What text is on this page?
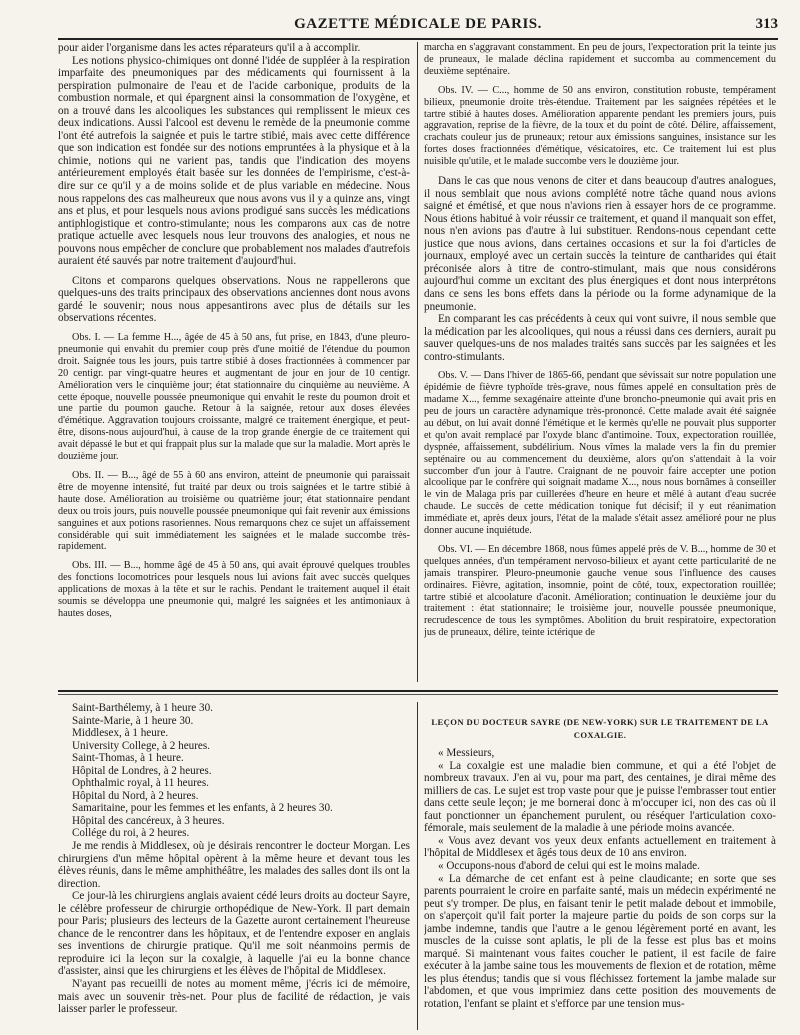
GAZETTE MÉDICALE DE PARIS.	313

pour aider l'organisme dans les actes réparateurs qu'il a à accomplir.

Les notions physico-chimiques ont donné l'idée de suppléer à la respiration imparfaite des pneumoniques par des médicaments qui fournissent à la perspiration pulmonaire de l'eau et de l'acide carbonique, produits de la combustion normale, et qui épargnent ainsi la consommation de l'oxygène, et on a trouvé dans les alcooliques les substances qui remplissent le mieux ces deux indications. Aussi l'alcool est devenu le remède de la pneumonie comme l'ont été autrefois la saignée et puis le tartre stibié, mais avec cette différence que son indication est fondée sur des notions empruntées à la physique et à la chimie, notions qui ne varient pas, tandis que l'indication des moyens antérieurement employés était basée sur les données de l'empirisme, c'est-à-dire sur ce qu'il y a de moins solide et de plus variable en médecine. Nous nous rappelons des cas malheureux que nous avons vus il y a quinze ans, vingt ans et plus, et pour lesquels nous avions prodigué sans succès les médications antiphlogistique et contro-stimulante; nous les comparons aux cas de notre pratique actuelle avec lesquels nous leur trouvons des analogies, et nous ne pouvons nous empêcher de conclure que probablement nos malades d'autrefois auraient été sauvés par notre traitement d'aujourd'hui.

Citons et comparons quelques observations. Nous ne rappellerons que quelques-uns des traits principaux des observations anciennes dont nous avons gardé le souvenir; nous nous appesantirons avec plus de détails sur les observations récentes.

Obs. I. — La femme H..., âgée de 45 à 50 ans, fut prise, en 1843, d'une pleuro-pneumonie qui envahit du premier coup près d'une moitié de l'étendue du poumon droit. Saignée tous les jours, puis tartre stibié à doses fractionnées à commencer par 20 centigr. par vingt-quatre heures et augmentant de jour en jour de 10 centigr. Amélioration vers le cinquième jour; état stationnaire du cinquième au neuvième. A cette époque, nouvelle poussée pneumonique qui envahit le reste du poumon droit et une partie du poumon gauche. Retour à la saignée, retour aux doses élevées d'émétique. Aggravation toujours croissante, malgré ce traitement énergique, et peut-être, disons-nous aujourd'hui, à cause de la trop grande énergie de ce traitement qui avait dépassé le but et qui frappait plus sur la malade que sur la maladie. Mort après le douzième jour.

Obs. II. — B..., âgé de 55 à 60 ans environ, atteint de pneumonie qui paraissait être de moyenne intensité, fut traité par deux ou trois saignées et le tartre stibié à haute dose. Amélioration au troisième ou quatrième jour; état stationnaire pendant deux ou trois jours, puis nouvelle poussée pneumonique qui fait revenir aux émissions sanguines et aux potions rasoriennes. Nous remarquons chez ce sujet un affaissement considérable qui suit immédiatement les saignées et le malade succombe très-rapidement.

Obs. III. — B..., homme âgé de 45 à 50 ans, qui avait éprouvé quelques troubles des fonctions locomotrices pour lesquels nous lui avions fait avec succès quelques applications de moxas à la tête et sur le rachis. Pendant le traitement auquel il était soumis se développa une pneumonie qui, malgré les saignées et les antimoniaux à hautes doses,

marcha en s'aggravant constamment. En peu de jours, l'expectoration prit la teinte jus de pruneaux, le malade déclina rapidement et succomba au commencement du deuxième septénaire.

Obs. IV. — C..., homme de 50 ans environ, constitution robuste, tempérament bilieux, pneumonie droite très-étendue. Traitement par les saignées répétées et le tartre stibié à hautes doses. Amélioration apparente pendant les premiers jours, puis aggravation, reprise de la fièvre, de la toux et du point de côté. Délire, affaissement, crachats couleur jus de pruneaux; retour aux émissions sanguines, insistance sur les fortes doses fractionnées d'émétique, vésicatoires, etc. Ce traitement lui est plus nuisible qu'utile, et le malade succombe vers le douzième jour.

Dans le cas que nous venons de citer et dans beaucoup d'autres analogues, il nous semblait que nous avions complété notre tâche quand nous avions saigné et émétisé, et que nous n'avions rien à essayer hors de ce programme. Nous étions habitué à voir réussir ce traitement, et quand il manquait son effet, nous n'en avions pas d'autre à lui substituer. Rendons-nous cependant cette justice que nous avions, dans certaines occasions et sur la foi d'articles de journaux, employé avec un certain succès la teinture de cantharides qui était préconisée alors à titre de contro-stimulant, mais que nous considérons aujourd'hui comme un excitant des plus énergiques et dont nous interprétons dans ce sens les bons effets dans la période ou la forme adynamique de la pneumonie.

En comparant les cas précédents à ceux qui vont suivre, il nous semble que la médication par les alcooliques, qui nous a réussi dans ces derniers, aurait pu sauver quelques-uns de nos malades traités sans succès par les saignées et les contro-stimulants.

Obs. V. — Dans l'hiver de 1865-66, pendant que sévissait sur notre population une épidémie de fièvre typhoïde très-grave, nous fûmes appelé en consultation près de madame X..., femme sexagénaire atteinte d'une broncho-pneumonie qui avait pris en peu de jours un caractère adynamique très-prononcé. Cette malade avait été saignée au début, on lui avait donné l'émétique et le kermès qu'elle ne pouvait plus supporter et qu'on avait remplacé par l'oxyde blanc d'antimoine. Toux, expectoration rouillée, dyspnée, affaissement, subdélirium. Nous vîmes la malade vers la fin du premier septénaire ou au commencement du deuxième, alors qu'on s'attendait à la voir succomber d'un jour à l'autre. Craignant de ne pouvoir faire accepter une potion alcoolique par le confrère qui soignait madame X..., nous nous bornâmes à conseiller le vin de Malaga pris par cuillerées d'heure en heure et mêlé à autant d'eau sucrée chaude. Le succès de cette médication tonique fut décisif; il y eut réanimation immédiate et, après deux jours, l'état de la malade s'était assez amélioré pour ne plus donner aucune inquiétude.

Obs. VI. — En décembre 1868, nous fûmes appelé près de V. B..., homme de 30 et quelques années, d'un tempérament nervoso-bilieux et ayant cette particularité de ne jamais transpirer. Pleuro-pneumonie gauche venue sous l'influence des causes ordinaires. Fièvre, agitation, insomnie, point de côté, toux, expectoration rouillée; tartre stibié et alcoolature d'aconit. Amélioration; continuation le deuxième jour du traitement : état stationnaire; le troisième jour, nouvelle poussée pneumonique, recrudescence de tous les symptômes. Abolition du bruit respiratoire, expectoration jus de pruneaux, délire, teinte ictérique de

Saint-Barthélemy, à 1 heure 30.

Sainte-Marie, à 1 heure 30.

Middlesex, à 1 heure.

University College, à 2 heures.

Saint-Thomas, à 1 heure.

Hôpital de Londres, à 2 heures.

Ophthalmic royal, à 11 heures.

Hôpital du Nord, à 2 heures.

Samaritaine, pour les femmes et les enfants, à 2 heures 30.

Hôpital des cancéreux, à 3 heures.

Collége du roi, à 2 heures.

Je me rendis à Middlesex, où je désirais rencontrer le docteur Morgan. Les chirurgiens d'un même hôpital opèrent à la même heure et devant tous les élèves réunis, dans le même amphithéâtre, les malades des salles dont ils ont la direction.

Ce jour-là les chirurgiens anglais avaient cédé leurs droits au docteur Sayre, le célèbre professeur de chirurgie orthopédique de New-York. Il part demain pour Paris; plusieurs des lecteurs de la Gazette auront certainement l'heureuse chance de le rencontrer dans les hôpitaux, et de l'entendre exposer en anglais ses inventions de chirurgie pratique. Qu'il me soit néanmoins permis de reproduire ici la leçon sur la coxalgie, à laquelle j'ai eu la bonne chance d'assister, ainsi que les chirurgiens et les élèves de l'hôpital de Middlesex.

N'ayant pas recueilli de notes au moment même, j'écris ici de mémoire, mais avec un souvenir très-net. Pour plus de facilité de rédaction, je vais laisser parler le professeur.

LEÇON DU DOCTEUR SAYRE (DE NEW-YORK) SUR LE TRAITEMENT DE LA COXALGIE.

« Messieurs,

« La coxalgie est une maladie bien commune, et qui a été l'objet de nombreux travaux. J'en ai vu, pour ma part, des centaines, je dirai même des milliers de cas. Le sujet est trop vaste pour que je puisse l'embrasser tout entier dans cette seule leçon; je me bornerai donc à m'occuper ici, non des cas où il faut ponctionner un épanchement purulent, ou réséquer l'articulation coxo-fémorale, mais seulement de la maladie à une période moins avancée.

« Vous avez devant vos yeux deux enfants actuellement en traitement à l'hôpital de Middlesex et âgés tous deux de 10 ans environ.

« Occupons-nous d'abord de celui qui est le moins malade.

« La démarche de cet enfant est à peine claudicante; en sorte que ses parents pourraient le croire en parfaite santé, mais un médecin expérimenté ne peut s'y tromper. De plus, en faisant tenir le petit malade debout et immobile, on s'aperçoit qu'il fait porter la majeure partie du poids de son corps sur la jambe indemne, tandis que l'autre a le genou légèrement porté en avant, les muscles de la cuisse sont aplatis, le pli de la fesse est plus bas et moins marqué. Si maintenant vous faites coucher le patient, il est facile de faire exécuter à la jambe saine tous les mouvements de flexion et de rotation, même les plus étendus; tandis que si vous fléchissez fortement la jambe malade sur l'abdomen, et que vous imprimiez dans cette position des mouvements de rotation, l'enfant se plaint et s'efforce par une tension mus-
